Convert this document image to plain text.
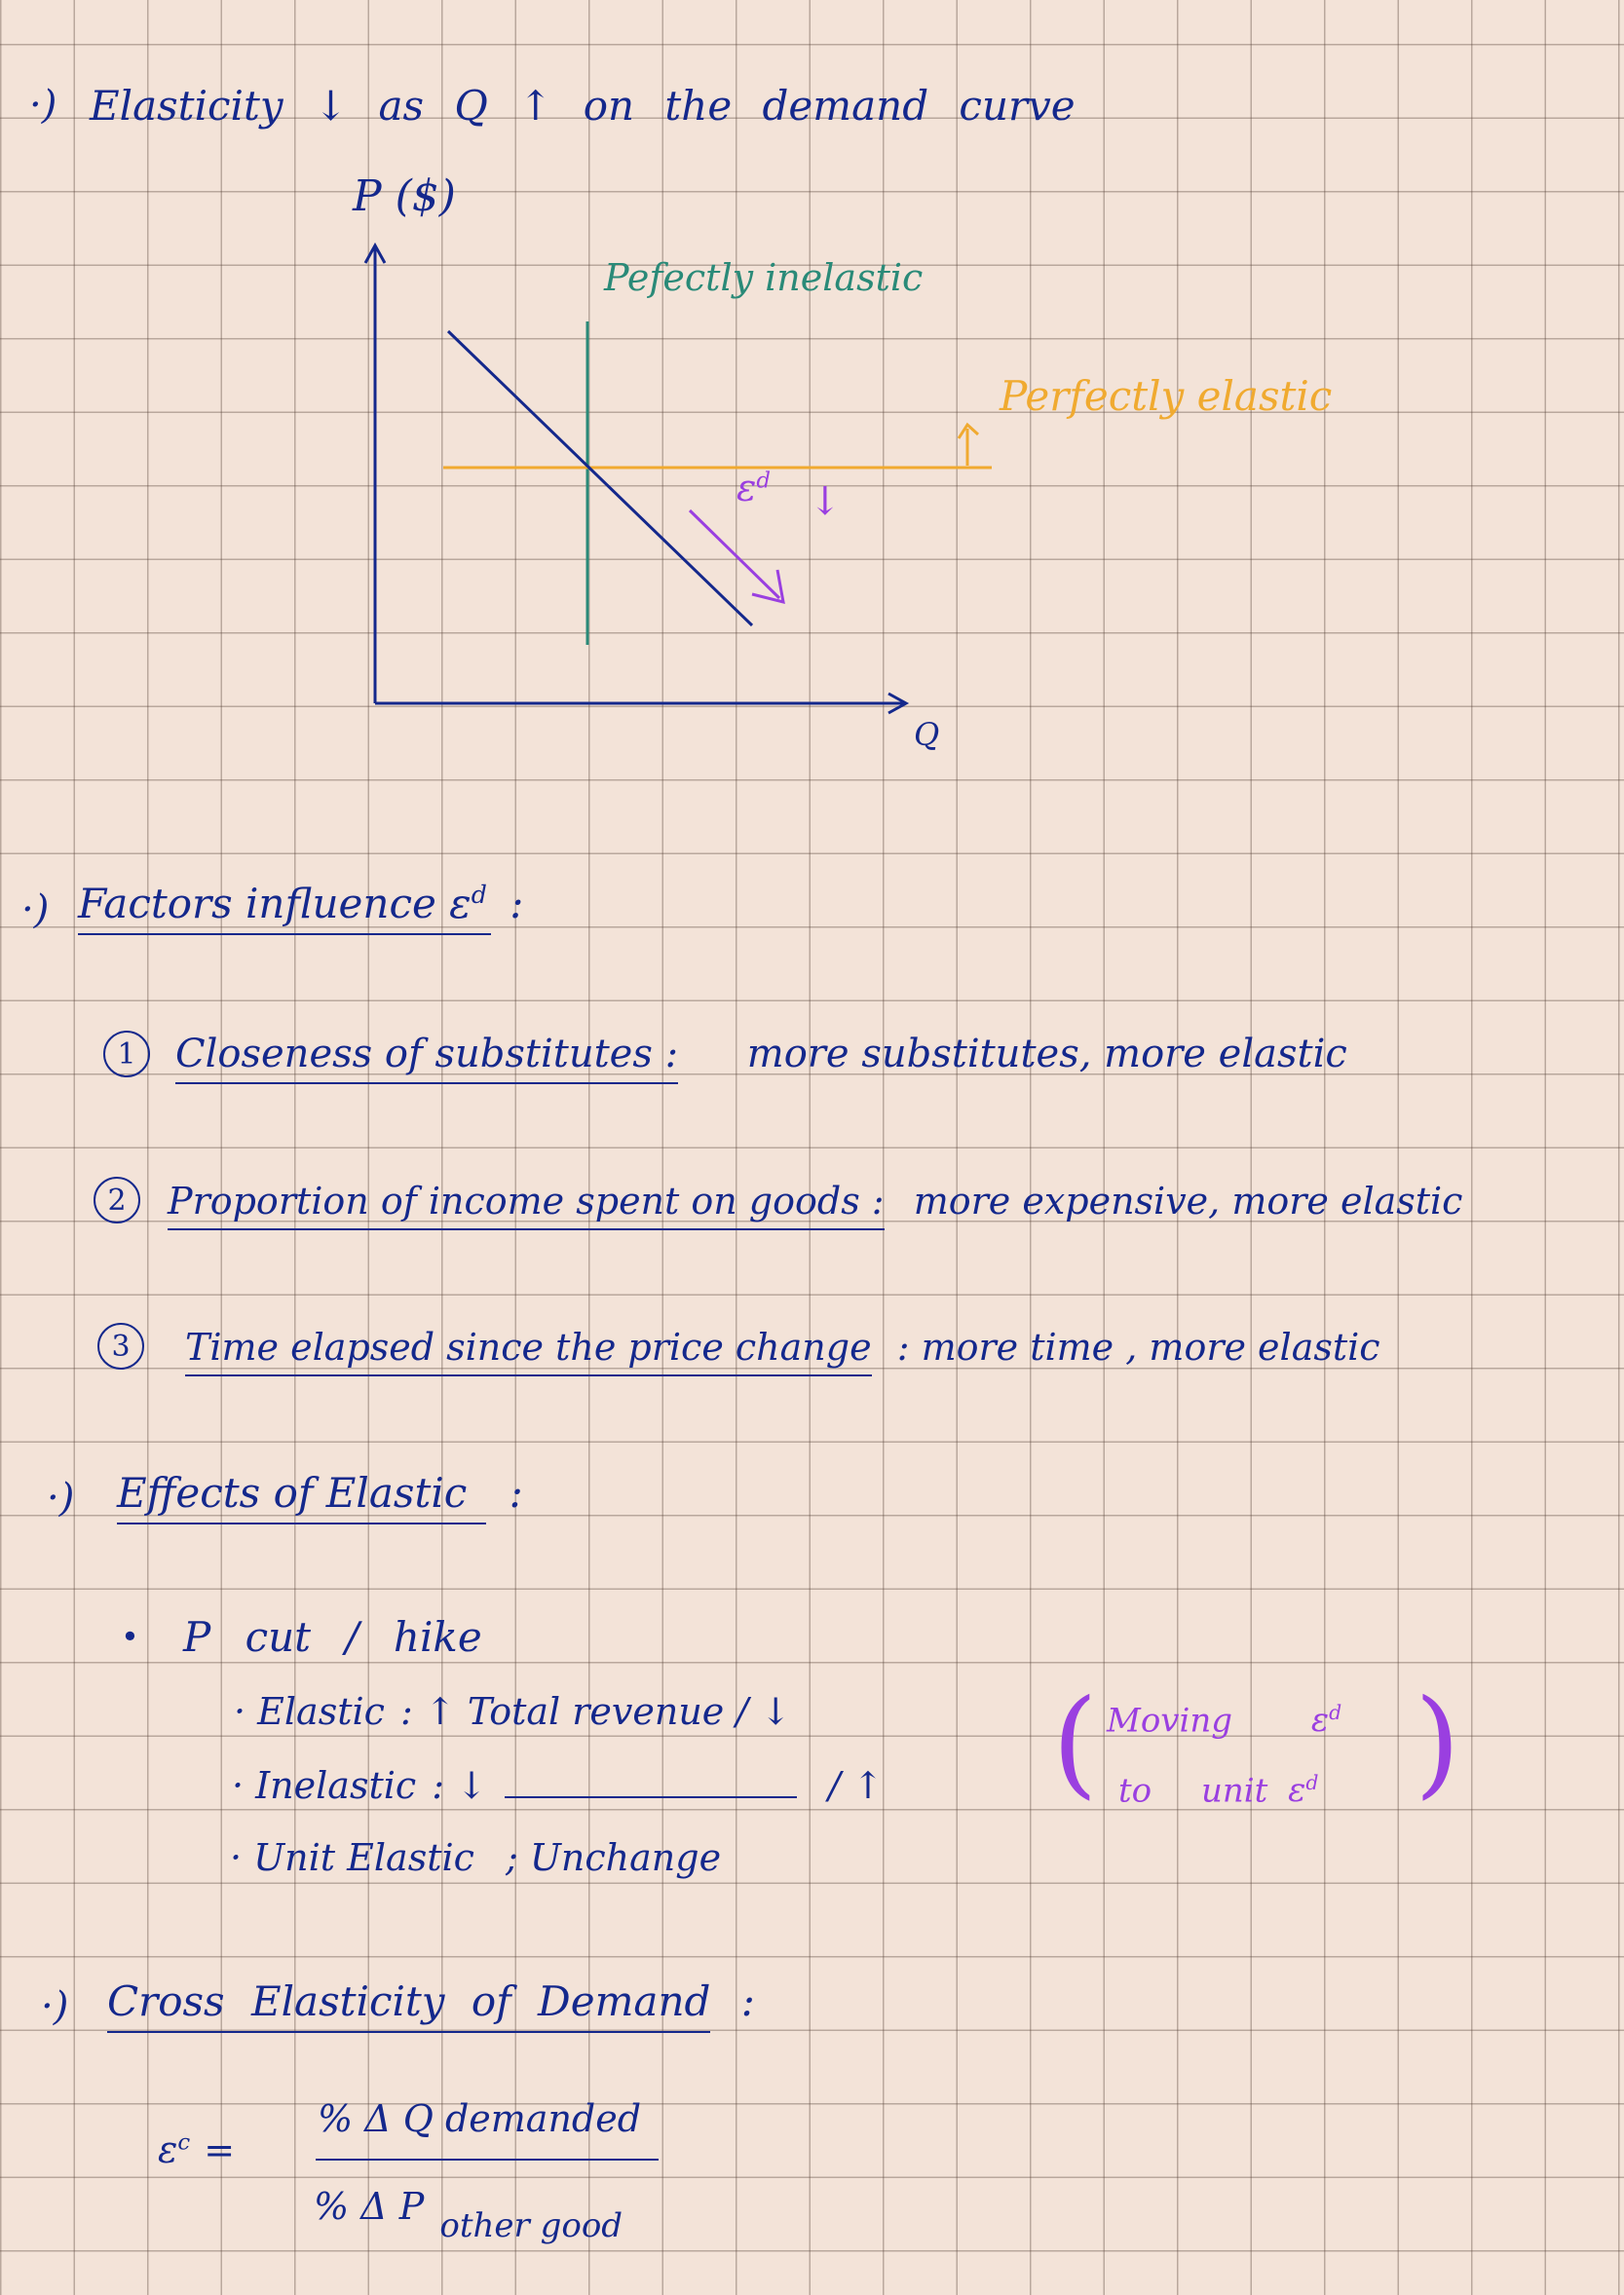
·) Elasticity ↓ as Q ↑ on the demand curve
P ($)
Q
Pefectly inelastic
Perfectly elastic
$\varepsilon^d$ ↓
·) Factors influence $\varepsilon^d$ :
1	Closeness of substitutes : more substitutes, more elastic
2	Proportion of income spent on goods : more expensive, more elastic
3	Time elapsed since the price change : more time , more elastic
·) Effects of Elastic :
• P cut / hike
· Elastic : ↑ Total revenue / ↓
· Inelastic : ↓	/ ↑
· Unit Elastic ; Unchange
(	)
Moving $\varepsilon^d$
to unit $\varepsilon^d$
·) Cross Elasticity of Demand :
$\varepsilon^c$ =
% Δ Q demanded
% Δ P other good
